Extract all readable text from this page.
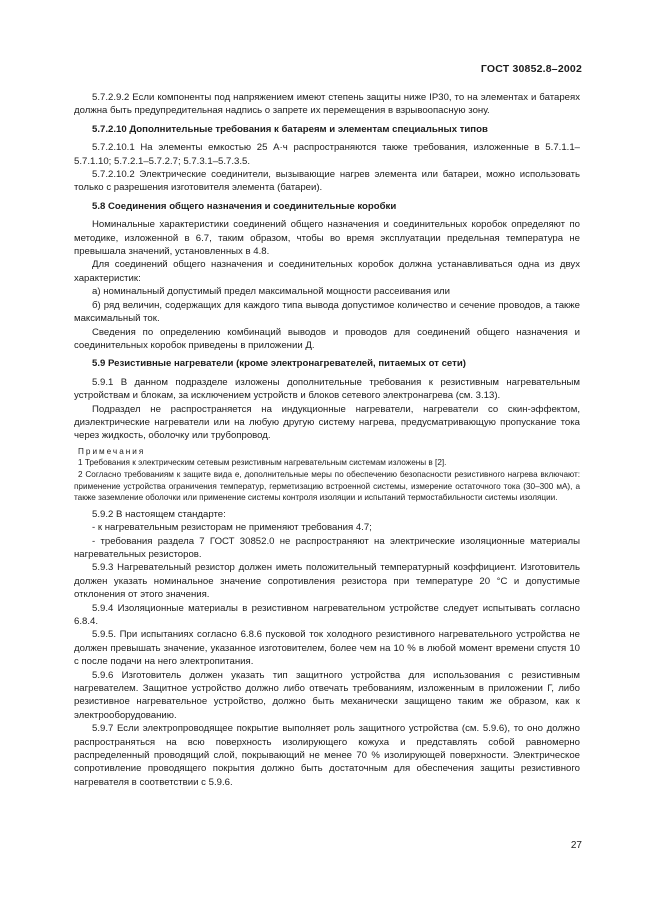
ГОСТ 30852.8–2002

5.7.2.9.2 Если компоненты под напряжением имеют степень защиты ниже IP30, то на элементах и батареях должна быть предупредительная надпись о запрете их перемещения в взрывоопасную зону.

5.7.2.10 Дополнительные требования к батареям и элементам специальных типов

5.7.2.10.1 На элементы емкостью 25 А·ч распространяются также требования, изложенные в 5.7.1.1–5.7.1.10; 5.7.2.1–5.7.2.7; 5.7.3.1–5.7.3.5.

5.7.2.10.2 Электрические соединители, вызывающие нагрев элемента или батареи, можно использовать только с разрешения изготовителя элемента (батареи).

5.8 Соединения общего назначения и соединительные коробки

Номинальные характеристики соединений общего назначения и соединительных коробок определяют по методике, изложенной в 6.7, таким образом, чтобы во время эксплуатации предельная температура не превышала значений, установленных в 4.8.

Для соединений общего назначения и соединительных коробок должна устанавливаться одна из двух характеристик:

а) номинальный допустимый предел максимальной мощности рассеивания или

б) ряд величин, содержащих для каждого типа вывода допустимое количество и сечение проводов, а также максимальный ток.

Сведения по определению комбинаций выводов и проводов для соединений общего назначения и соединительных коробок приведены в приложении Д.

5.9 Резистивные нагреватели (кроме электронагревателей, питаемых от сети)

5.9.1 В данном подразделе изложены дополнительные требования к резистивным нагревательным устройствам и блокам, за исключением устройств и блоков сетевого электронагрева (см. 3.13).

Подраздел не распространяется на индукционные нагреватели, нагреватели со скин-эффектом, диэлектрические нагреватели или на любую другую систему нагрева, предусматривающую пропускание тока через жидкость, оболочку или трубопровод.

Примечания

1 Требования к электрическим сетевым резистивным нагревательным системам изложены в [2].

2 Согласно требованиям к защите вида е, дополнительные меры по обеспечению безопасности резистивного нагрева включают: применение устройства ограничения температур, герметизацию встроенной системы, измерение остаточного тока (30–300 мА), а также заземление оболочки или применение системы контроля изоляции и испытаний термостабильности системы изоляции.

5.9.2 В настоящем стандарте:

- к нагревательным резисторам не применяют требования 4.7;

- требования раздела 7 ГОСТ 30852.0 не распространяют на электрические изоляционные материалы нагревательных резисторов.

5.9.3 Нагревательный резистор должен иметь положительный температурный коэффициент. Изготовитель должен указать номинальное значение сопротивления резистора при температуре 20 °С и допустимые отклонения от этого значения.

5.9.4 Изоляционные материалы в резистивном нагревательном устройстве следует испытывать согласно 6.8.4.

5.9.5. При испытаниях согласно 6.8.6 пусковой ток холодного резистивного нагревательного устройства не должен превышать значение, указанное изготовителем, более чем на 10 % в любой момент времени спустя 10 с после подачи на него электропитания.

5.9.6 Изготовитель должен указать тип защитного устройства для использования с резистивным нагревателем. Защитное устройство должно либо отвечать требованиям, изложенным в приложении Г, либо резистивное нагревательное устройство, должно быть механически защищено таким же образом, как к электрооборудованию.

5.9.7 Если электропроводящее покрытие выполняет роль защитного устройства (см. 5.9.6), то оно должно распространяться на всю поверхность изолирующего кожуха и представлять собой равномерно распределенный проводящий слой, покрывающий не менее 70 % изолирующей поверхности. Электрическое сопротивление проводящего покрытия должно быть достаточным для обеспечения защиты резистивного нагревателя в соответствии с 5.9.6.

27
